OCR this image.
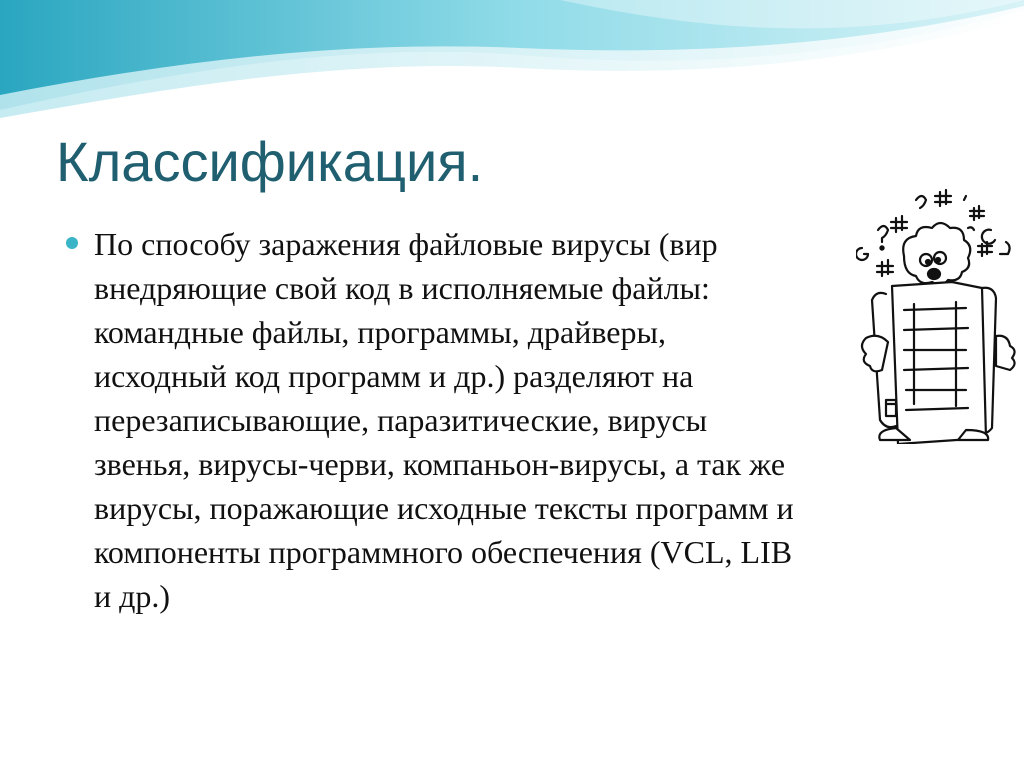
Классификация.

По способу заражения файловые вирусы (вир
внедряющие свой код в исполняемые файлы:
командные файлы, программы, драйверы,
исходный код программ и др.) разделяют на
перезаписывающие, паразитические, вирусы
звенья, вирусы-черви, компаньон-вирусы, а так же
вирусы, поражающие исходные тексты программ и
компоненты программного обеспечения (VCL, LIB
и др.)
